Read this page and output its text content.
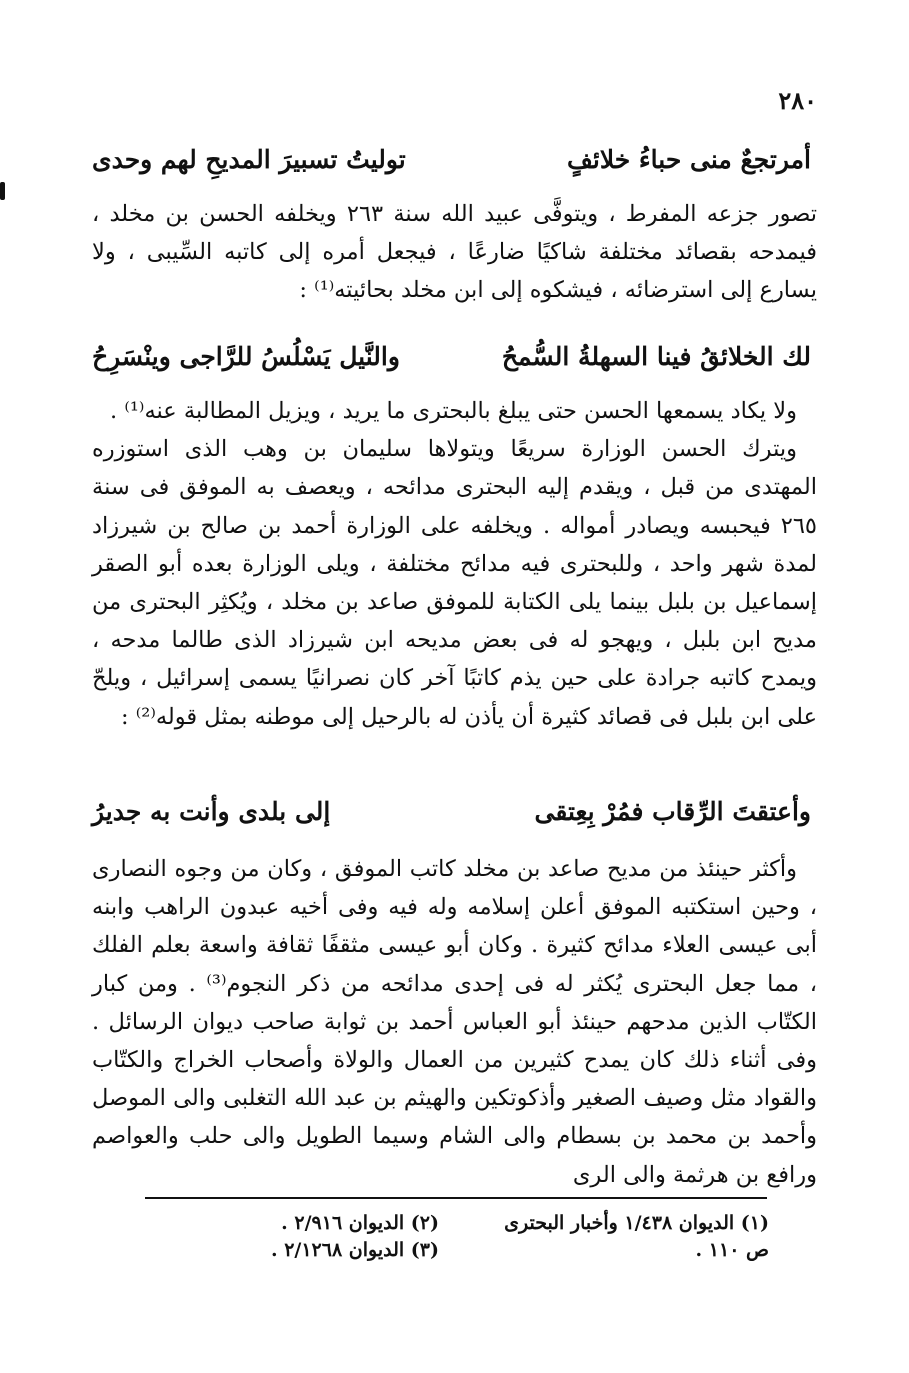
٢٨٠
أمرتجعٌ منى حباءُ خلائفٍ
توليتُ تسبيرَ المديحِ لهم وحدى

تصور جزعه المفرط ، ويتوفَّى عبيد الله سنة ٢٦٣ ويخلفه الحسن بن مخلد ، فيمدحه بقصائد مختلفة شاكيًا ضارعًا ، فيجعل أمره إلى كاتبه السِّيبى ، ولا يسارع إلى استرضائه ، فيشكوه إلى ابن مخلد بحائيته⁽¹⁾ :

لك الخلائقُ فينا السهلةُ السُّمحُ
والنَّيل يَسْلُسُ للرَّاجى وينْسَرِحُ

ولا يكاد يسمعها الحسن حتى يبلغ بالبحترى ما يريد ، ويزيل المطالبة عنه⁽¹⁾ .

ويترك الحسن الوزارة سريعًا ويتولاها سليمان بن وهب الذى استوزره المهتدى من قبل ، ويقدم إليه البحترى مدائحه ، ويعصف به الموفق فى سنة ٢٦٥ فيحبسه ويصادر أمواله . ويخلفه على الوزارة أحمد بن صالح بن شيرزاد لمدة شهر واحد ، وللبحترى فيه مدائح مختلفة ، ويلى الوزارة بعده أبو الصقر إسماعيل بن بلبل بينما يلى الكتابة للموفق صاعد بن مخلد ، ويُكثِر البحترى من مديح ابن بلبل ، ويهجو له فى بعض مديحه ابن شيرزاد الذى طالما مدحه ، ويمدح كاتبه جرادة على حين يذم كاتبًا آخر كان نصرانيًا يسمى إسرائيل ، ويلحّ على ابن بلبل فى قصائد كثيرة أن يأذن له بالرحيل إلى موطنه بمثل قوله⁽²⁾ :

وأعتقتَ الرِّقاب فمُرْ بِعِتقى
إلى بلدى وأنت به جديرُ

وأكثر حينئذ من مديح صاعد بن مخلد كاتب الموفق ، وكان من وجوه النصارى ، وحين استكتبه الموفق أعلن إسلامه وله فيه وفى أخيه عبدون الراهب وابنه أبى عيسى العلاء مدائح كثيرة . وكان أبو عيسى مثقفًا ثقافة واسعة بعلم الفلك ، مما جعل البحترى يُكثر له فى إحدى مدائحه من ذكر النجوم⁽³⁾ . ومن كبار الكتّاب الذين مدحهم حينئذ أبو العباس أحمد بن ثوابة صاحب ديوان الرسائل . وفى أثناء ذلك كان يمدح كثيرين من العمال والولاة وأصحاب الخراج والكتّاب والقواد مثل وصيف الصغير وأذكوتكين والهيثم بن عبد الله التغلبى والى الموصل وأحمد بن محمد بن بسطام والى الشام وسيما الطويل والى حلب والعواصم ورافع بن هرثمة والى الرى

(١) الديوان ١/٤٣٨ وأخبار البحترى
ص ١١٠ .
(٢) الديوان ٢/٩١٦ .
(٣) الديوان ٢/١٢٦٨ .
